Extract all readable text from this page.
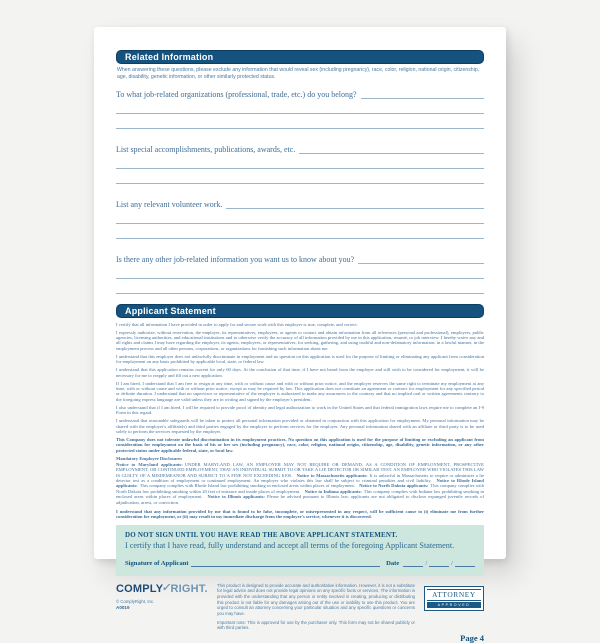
Related Information
When answering these questions, please exclude any information that would reveal sex (including pregnancy), race, color, religion, national origin, citizenship, age, disability, genetic information, or other similarly protected status.
To what job-related organizations (professional, trade, etc.) do you belong?
List special accomplishments, publications, awards, etc.
List any relevant volunteer work.
Is there any other job-related information you want us to know about you?
Applicant Statement

I certify that all information I have provided in order to apply for and secure work with this employer is true, complete, and correct.

I expressly authorize, without reservation, the employer, its representatives, employees, or agents to contact and obtain information from all references (personal and professional), employers, public agencies, licensing authorities, and educational institutions and to otherwise verify the accuracy of all information provided by me in this application, resumé, or job interview. I hereby waive any and all rights and claims I may have regarding the employer, its agents, employees, or representatives, for seeking, gathering, and using truthful and non-defamatory information, in a lawful manner, in the employment process and all other persons, corporations, or organizations for furnishing such information about me.

I understand that this employer does not unlawfully discriminate in employment and no question on this application is used for the purpose of limiting or eliminating any applicant from consideration for employment on any basis prohibited by applicable local, state, or federal law.

I understand that this application remains current for only 60 days. At the conclusion of that time, if I have not heard from the employer and still wish to be considered for employment, it will be necessary for me to reapply and fill out a new application.

If I am hired, I understand that I am free to resign at any time, with or without cause and with or without prior notice, and the employer reserves the same right to terminate my employment at any time, with or without cause and with or without prior notice, except as may be required by law. This application does not constitute an agreement or contract for employment for any specified period or definite duration. I understand that no supervisor or representative of the employer is authorized to make any assurances to the contrary and that no implied oral or written agreements contrary to the foregoing express language are valid unless they are in writing and signed by the employer's president.

I also understand that if I am hired, I will be required to provide proof of identity and legal authorization to work in the United States and that federal immigration laws require me to complete an I-9 Form in this regard.

I understand that reasonable safeguards will be taken to protect all personal information provided or obtained in conjunction with this application for employment. My personal information may be shared with the employer's affiliate(s) and third parties engaged by the employer to perform services for the employer. Any personal information shared with an affiliate or third party is to be used solely to perform the services requested by the employer.

This Company does not tolerate unlawful discrimination in its employment practices. No question on this application is used for the purpose of limiting or excluding an applicant from consideration for employment on the basis of his or her sex (including pregnancy), race, color, religion, national origin, citizenship, age, disability, genetic information, or any other protected status under applicable federal, state, or local law.

Mandatory Employee Disclosures

Notice to Maryland applicants: UNDER MARYLAND LAW, AN EMPLOYER MAY NOT REQUIRE OR DEMAND, AS A CONDITION OF EMPLOYMENT, PROSPECTIVE EMPLOYMENT, OR CONTINUED EMPLOYMENT, THAT AN INDIVIDUAL SUBMIT TO OR TAKE A LIE DETECTOR OR SIMILAR TEST. AN EMPLOYER WHO VIOLATES THIS LAW IS GUILTY OF A MISDEMEANOR AND SUBJECT TO A FINE NOT EXCEEDING $100. Notice to Massachusetts applicants: It is unlawful in Massachusetts to require or administer a lie detector test as a condition of employment or continued employment. An employer who violates this law shall be subject to criminal penalties and civil liability. Notice to Rhode Island applicants: This company complies with Rhode Island law prohibiting smoking in enclosed areas within places of employment. Notice to North Dakota applicants: This company complies with North Dakota law prohibiting smoking within 20 feet of entrance and inside places of employment. Notice to Indiana applicants: This company complies with Indiana law prohibiting smoking in enclosed areas within places of employment. Notice to Illinois applicants: Please be advised pursuant to Illinois law, applicants are not obligated to disclose expunged juvenile records of adjudication, arrest, or conviction.

I understand that any information provided by me that is found to be false, incomplete, or misrepresented in any respect, will be sufficient cause to (i) eliminate me from further consideration for employment, or (ii) may result in my immediate discharge from the employer's service, whenever it is discovered.

DO NOT SIGN UNTIL YOU HAVE READ THE ABOVE APPLICANT STATEMENT.
I certify that I have read, fully understand and accept all terms of the foregoing Applicant Statement.
Signature of Applicant	Date	/	/
COMPLY✓RIGHT.
© ComplyRight, Inc.
A0019
This product is designed to provide accurate and authoritative information. However, it is not a substitute for legal advice and does not provide legal opinions on any specific facts or services. The information is provided with the understanding that any person or entity involved in creating, producing or distributing this product is not liable for any damages arising out of the use or inability to use this product. You are urged to consult an attorney concerning your particular situation and any specific questions or concerns you may have.
Important note: This is approved for use by the purchaser only. This form may not be shared publicly or with third parties.
ATTORNEY
APPROVED
Page 4
